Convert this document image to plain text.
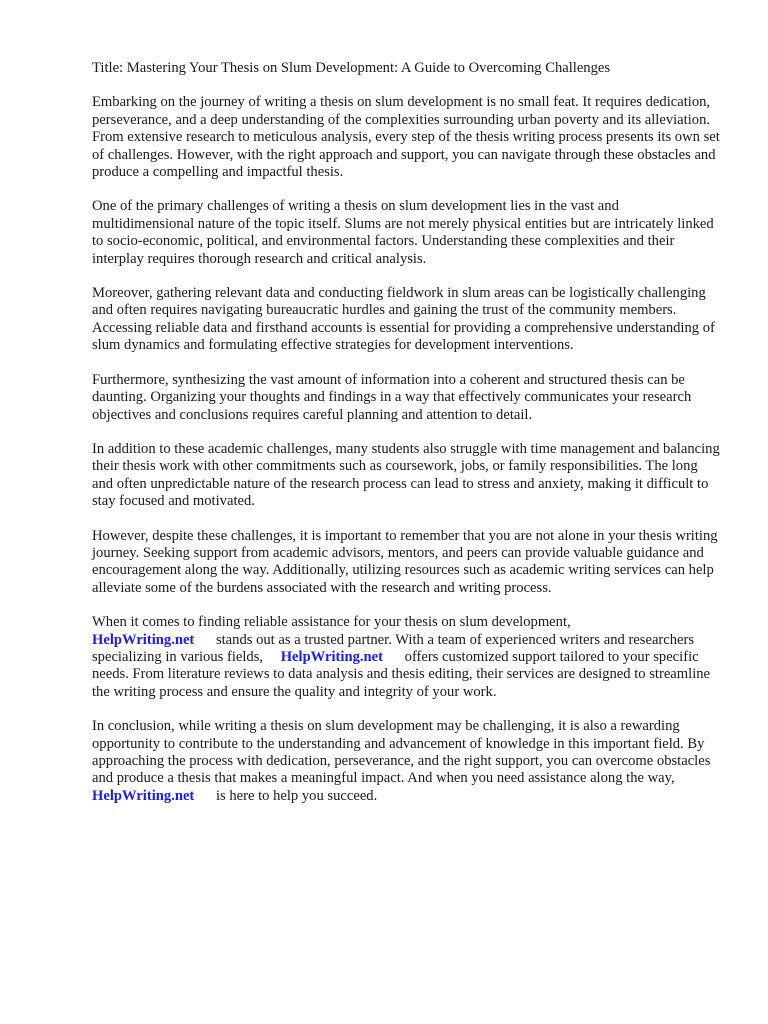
Title: Mastering Your Thesis on Slum Development: A Guide to Overcoming Challenges

Embarking on the journey of writing a thesis on slum development is no small feat. It requires dedication, perseverance, and a deep understanding of the complexities surrounding urban poverty and its alleviation. From extensive research to meticulous analysis, every step of the thesis writing process presents its own set of challenges. However, with the right approach and support, you can navigate through these obstacles and produce a compelling and impactful thesis.

One of the primary challenges of writing a thesis on slum development lies in the vast and multidimensional nature of the topic itself. Slums are not merely physical entities but are intricately linked to socio-economic, political, and environmental factors. Understanding these complexities and their interplay requires thorough research and critical analysis.

Moreover, gathering relevant data and conducting fieldwork in slum areas can be logistically challenging and often requires navigating bureaucratic hurdles and gaining the trust of the community members. Accessing reliable data and firsthand accounts is essential for providing a comprehensive understanding of slum dynamics and formulating effective strategies for development interventions.

Furthermore, synthesizing the vast amount of information into a coherent and structured thesis can be daunting. Organizing your thoughts and findings in a way that effectively communicates your research objectives and conclusions requires careful planning and attention to detail.

In addition to these academic challenges, many students also struggle with time management and balancing their thesis work with other commitments such as coursework, jobs, or family responsibilities. The long and often unpredictable nature of the research process can lead to stress and anxiety, making it difficult to stay focused and motivated.

However, despite these challenges, it is important to remember that you are not alone in your thesis writing journey. Seeking support from academic advisors, mentors, and peers can provide valuable guidance and encouragement along the way. Additionally, utilizing resources such as academic writing services can help alleviate some of the burdens associated with the research and writing process.

When it comes to finding reliable assistance for your thesis on slum development,
HelpWriting.net stands out as a trusted partner. With a team of experienced writers and researchers specializing in various fields, HelpWriting.net offers customized support tailored to your specific needs. From literature reviews to data analysis and thesis editing, their services are designed to streamline the writing process and ensure the quality and integrity of your work.

In conclusion, while writing a thesis on slum development may be challenging, it is also a rewarding opportunity to contribute to the understanding and advancement of knowledge in this important field. By approaching the process with dedication, perseverance, and the right support, you can overcome obstacles and produce a thesis that makes a meaningful impact. And when you need assistance along the way, HelpWriting.net is here to help you succeed.
